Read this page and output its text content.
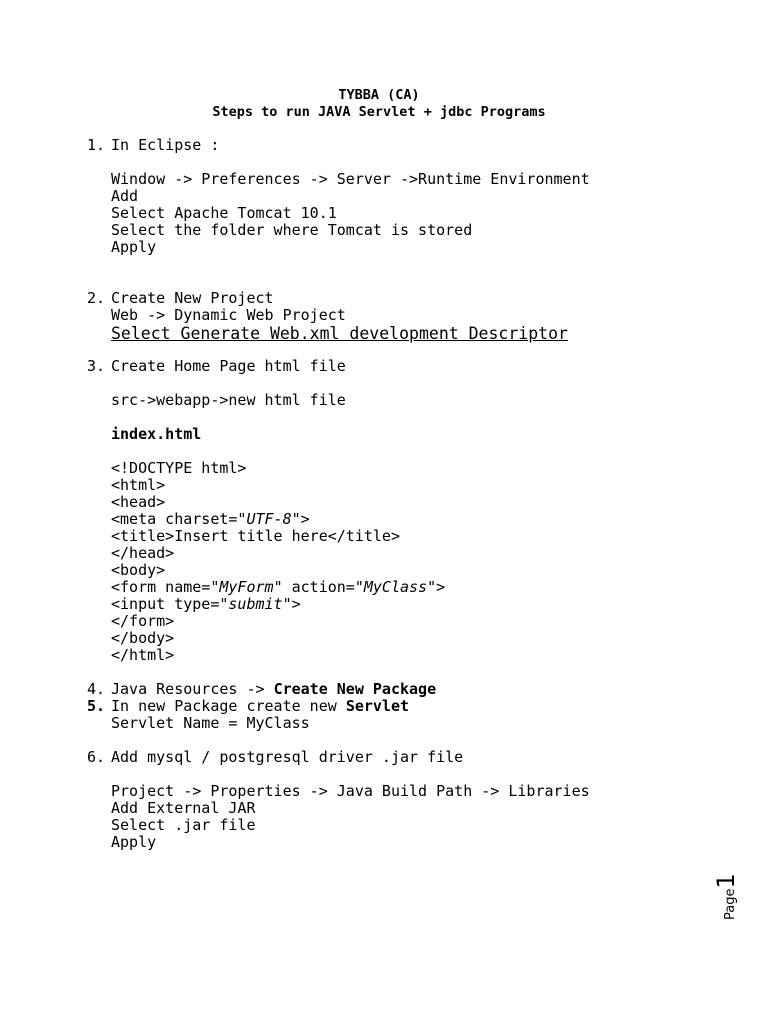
TYBBA (CA)
Steps to run JAVA Servlet + jdbc Programs
1. In Eclipse :
Window -> Preferences -> Server ->Runtime Environment
Add
Select Apache Tomcat 10.1
Select the folder where Tomcat is stored
Apply
2. Create New Project
Web -> Dynamic Web Project
Select Generate Web.xml development Descriptor
3. Create Home Page html file
src->webapp->new html file
index.html
<!DOCTYPE html>
<html>
<head>
<meta charset="UTF-8">
<title>Insert title here</title>
</head>
<body>
<form name="MyForm" action="MyClass">
<input type="submit">
</form>
</body>
</html>
4. Java Resources -> Create New Package
5. In new Package create new Servlet
Servlet Name = MyClass
6. Add mysql / postgresql driver .jar file
Project -> Properties -> Java Build Path -> Libraries
Add External JAR
Select .jar file
Apply
Page1
